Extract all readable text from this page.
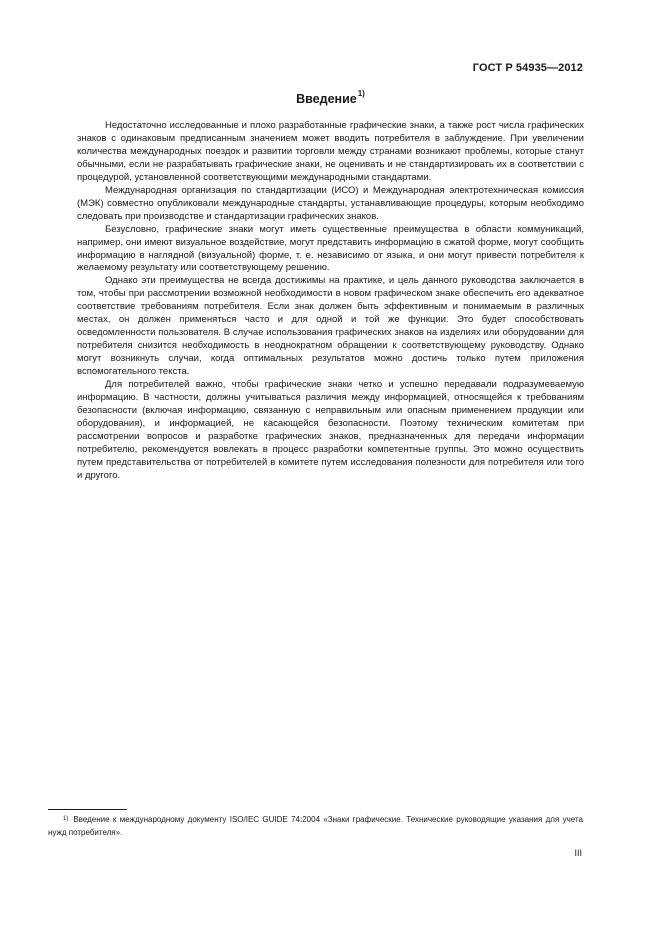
ГОСТ Р 54935—2012
Введение$^{1)}$

Недостаточно исследованные и плохо разработанные графические знаки, а также рост числа графических знаков с одинаковым предписанным значением может вводить потребителя в заблуждение. При увеличении количества международных поездок и развитии торговли между странами возникают проблемы, которые станут обычными, если не разрабатывать графические знаки, не оценивать и не стандартизировать их в соответствии с процедурой, установленной соответствующими международными стандартами.

Международная организация по стандартизации (ИСО) и Международная электротехническая комиссия (МЭК) совместно опубликовали международные стандарты, устанавливающие процедуры, которым необходимо следовать при производстве и стандартизации графических знаков.

Безусловно, графические знаки могут иметь существенные преимущества в области коммуникаций, например, они имеют визуальное воздействие, могут представить информацию в сжатой форме, могут сообщить информацию в наглядной (визуальной) форме, т. е. независимо от языка, и они могут привести потребителя к желаемому результату или соответствующему решению.

Однако эти преимущества не всегда достижимы на практике, и цель данного руководства заключается в том, чтобы при рассмотрении возможной необходимости в новом графическом знаке обеспечить его адекватное соответствие требованиям потребителя. Если знак должен быть эффективным и понимаемым в различных местах, он должен применяться часто и для одной и той же функции. Это будет способствовать осведомленности пользователя. В случае использования графических знаков на изделиях или оборудовании для потребителя снизится необходимость в неоднократном обращении к соответствующему руководству. Однако могут возникнуть случаи, когда оптимальных результатов можно достичь только путем приложения вспомогательного текста.

Для потребителей важно, чтобы графические знаки четко и успешно передавали подразумеваемую информацию. В частности, должны учитываться различия между информацией, относящейся к требованиям безопасности (включая информацию, связанную с неправильным или опасным применением продукции или оборудования), и информацией, не касающейся безопасности. Поэтому техническим комитетам при рассмотрении вопросов и разработке графических знаков, предназначенных для передачи информации потребителю, рекомендуется вовлекать в процесс разработки компетентные группы. Это можно осуществить путем представительства от потребителей в комитете путем исследования полезности для потребителя или того и другого.

$^{1)}$ Введение к международному документу ISO/IEC GUIDE 74:2004 «Знаки графические. Технические руководящие указания для учета нужд потребителя».
III
